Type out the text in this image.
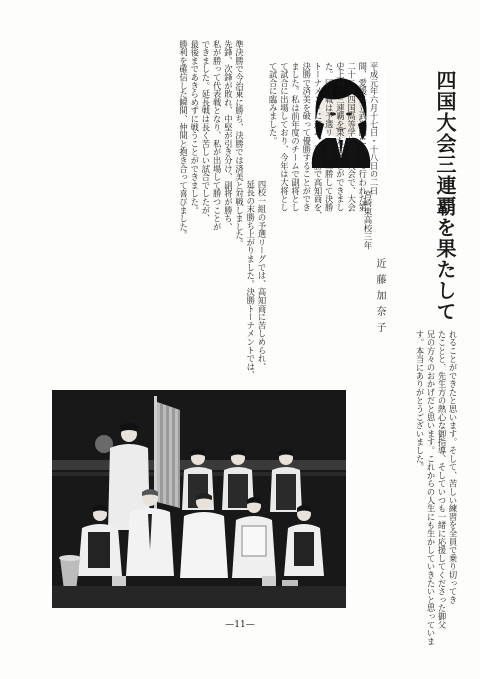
四国大会三連覇を果たして
近藤加奈子
宮崎東高校三年
平成元年六月十七日・十八日の二日
間、愛媛県立武道館において行われた第
二十二回四国高等学校剣道大会で、大会
史上初の三連覇を果たすことができまし
た。団体戦は予選リーグを二勝して決勝
トーナメントに進み、準決勝で高知商を、
決勝で済美を破って優勝することができ
ました。私は前年度のチームで副将とし
て試合に出場しており、今年は大将とし
て試合に臨みました。
四校一組の予選リーグでは、高知商に苦しめられ、
延長の末勝ち上がりました。決勝トーナメントでは、
準決勝で今治東に勝ち、決勝では済美と対戦しました。
先鋒、次鋒が敗れ、中堅が引き分け、副将が勝ち、
私が勝って代表戦となり、私が出場して勝つことが
できました。延長戦は長く苦しい試合でしたが、
最後まであきらめずに戦うことができました。
勝利を確信した瞬間、仲間と抱き合って喜びました。
れることができたと思います。そして、苦しい練習を全員で乗り切ってき
たことと、先生方の熱心な御指導、そしていつも一緒に応援してくださった御父
兄の方々のおかげだと思います。これからの人生にも生かしていきたいと思っていま
す。本当にありがとうございました。
—11—
